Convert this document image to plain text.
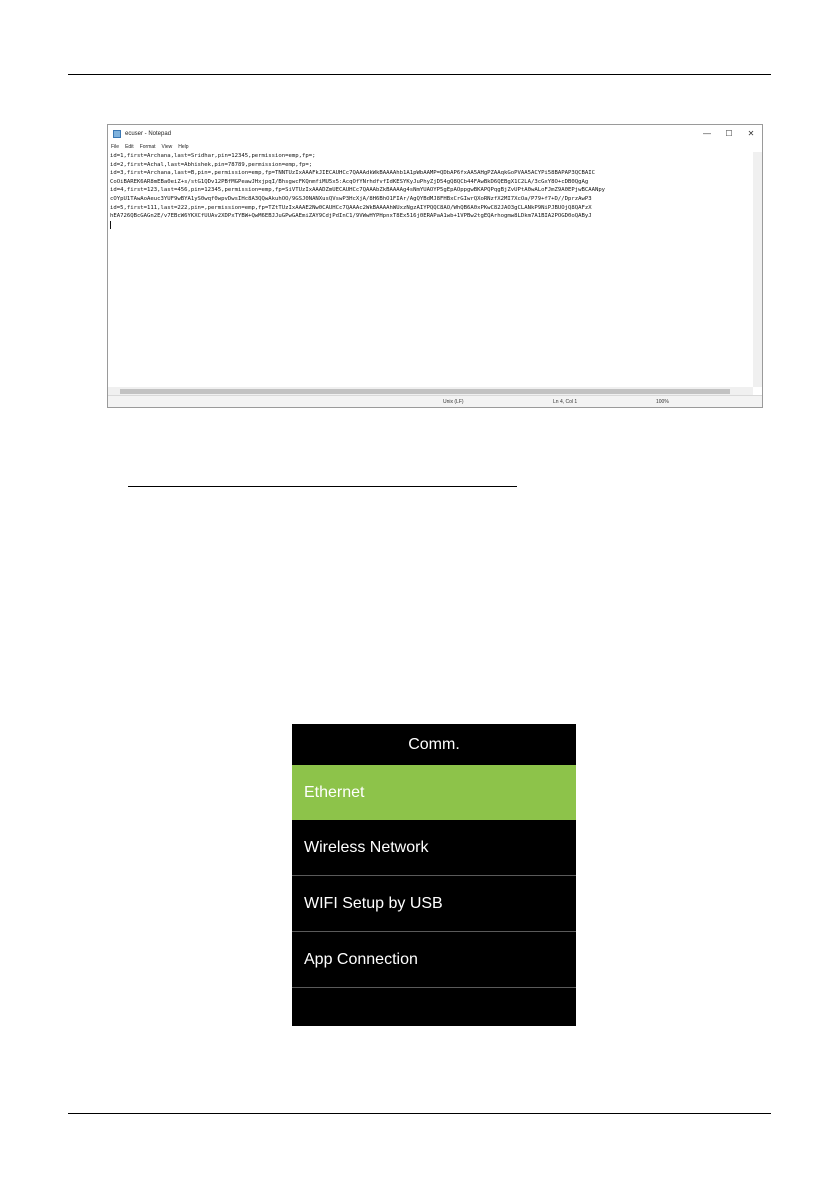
ecuser - Notepad	—	☐	✕
File Edit Format View Help
id=1,first=Archana,last=Sridhar,pin=12345,permission=emp,fp=;
id=2,first=Achal,last=Abhishek,pin=78789,permission=emp,fp=;
id=3,first=Archana,last=B,pin=,permission=emp,fp=TNNTUzIxAAAFkJIECAUHCc7QAAAdkWkBAAAAhb1A1pWbAAMP=QDbAP6fxAA5AHgPZAAqkGoPVAA5ACYPi58BAPAP3QCBAIC
CoOiBAREK6AR8mEBa0eiZ+s/stG1QDv12PBfMGPeawJHxjpqI/BhsgwcFKQnmfiMU5x5:AcqOfYNrhdfvfIdKESYKyJuPhyZjD54gQ8QCb44FAwBkD6QEBgX1C2LA/3cGxY8O+cDB0QgAg
id=4,first=123,last=456,pin=12345,permission=emp,fp=SiVTUzIxAAADZmUECAUHCc7QAAAbZkBAAAAg4sNmYUAOYP5gEpAOppgwBKAPQPqgBjZvUPtA0wALoFJmZ9A0EPjwBCAANpy
cOYpU1TAwAoAeuc3YUF9wBYA1yS0wqf0wpvDwsIHc8A3QQwAkuhOO/9GSJ0NANXusQVswP3HcXjA/8H6BhO1FIAr/AgQYBdMJ8FHBxCrGIwrQXoRNzfX2MI7XcOa/P79+f7+D//DprzAwP3
id=5,first=111,last=222,pin=,permission=emp,fp=TZtTUzIxAAAE2Nw0CAUHCc7QAAAc2WkBAAAAhWUxzNgzAIYPQQC8AO/WhQB6A0xPKwC82JAO3gCLANkP9NiPJBUOjQ8QAFzX
hEA726QBcGAGn2E/v7EBcW6YKXCfUUAv2XDPxTYBW+QwM6EBJJuGPwGAEmiZAY9CdjPdInC1/9VWwHYPHpnxT8Ex516j0ERAPaA1wb+1VPBw2tgEQArhogmw8LDkm7A1BIA2POGD0oQAByJ
Unix (LF)	Ln 4, Col 1	100%
Comm.
Ethernet
Wireless Network
WIFI Setup by USB
App Connection
